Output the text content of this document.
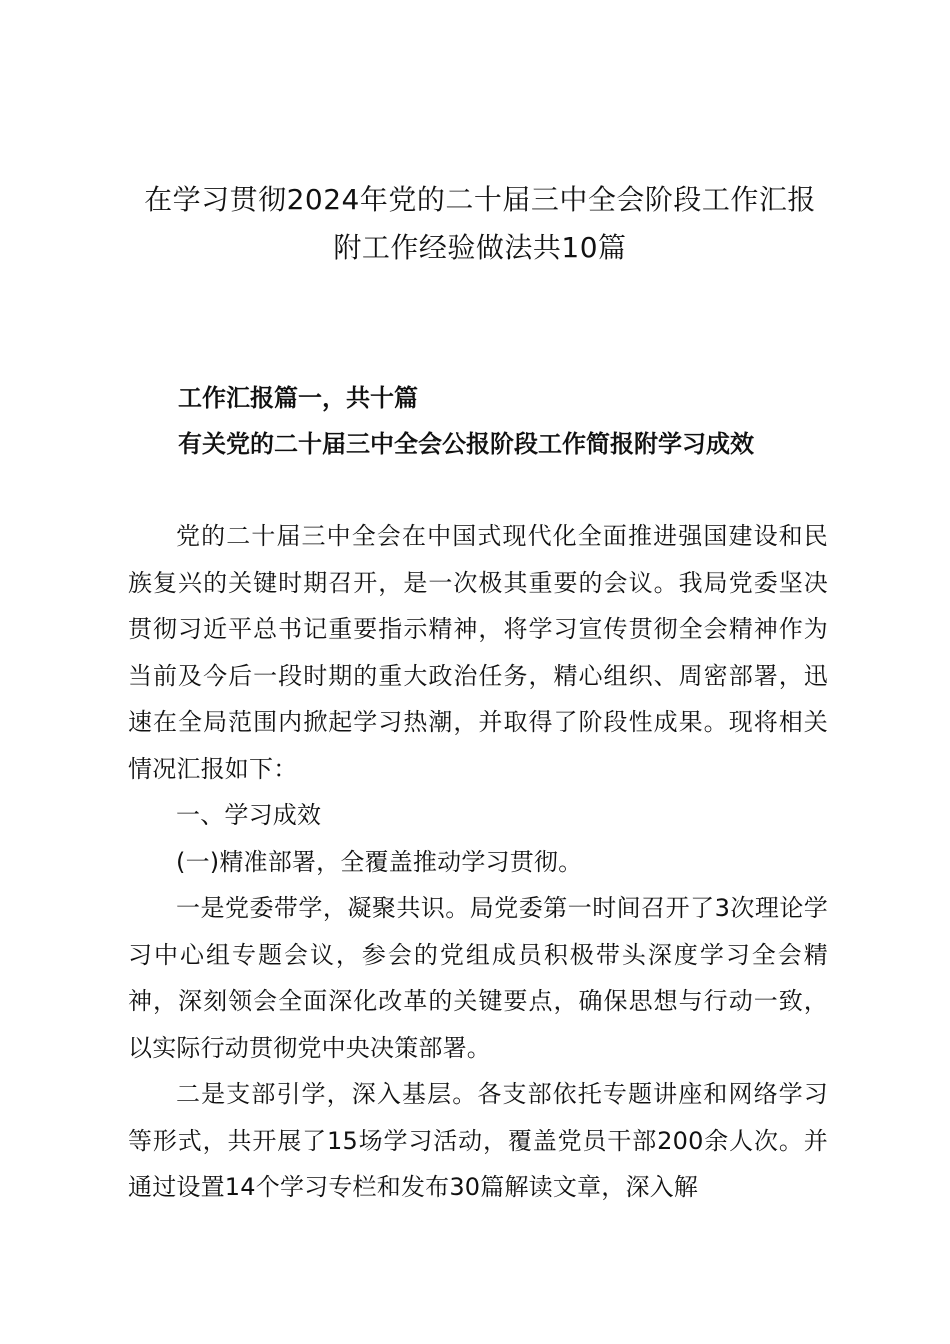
在学习贯彻2024年党的二十届三中全会阶段工作汇报
附工作经验做法共10篇
工作汇报篇一，共十篇
有关党的二十届三中全会公报阶段工作简报附学习成效

党的二十届三中全会在中国式现代化全面推进强国建设和民族复兴的关键时期召开，是一次极其重要的会议。我局党委坚决贯彻习近平总书记重要指示精神，将学习宣传贯彻全会精神作为当前及今后一段时期的重大政治任务，精心组织、周密部署，迅速在全局范围内掀起学习热潮，并取得了阶段性成果。现将相关情况汇报如下：

一、学习成效

(一)精准部署，全覆盖推动学习贯彻。

一是党委带学，凝聚共识。局党委第一时间召开了3次理论学习中心组专题会议，参会的党组成员积极带头深度学习全会精神，深刻领会全面深化改革的关键要点，确保思想与行动一致，以实际行动贯彻党中央决策部署。

二是支部引学，深入基层。各支部依托专题讲座和网络学习等形式，共开展了15场学习活动，覆盖党员干部200余人次。并通过设置14个学习专栏和发布30篇解读文章，深入解
